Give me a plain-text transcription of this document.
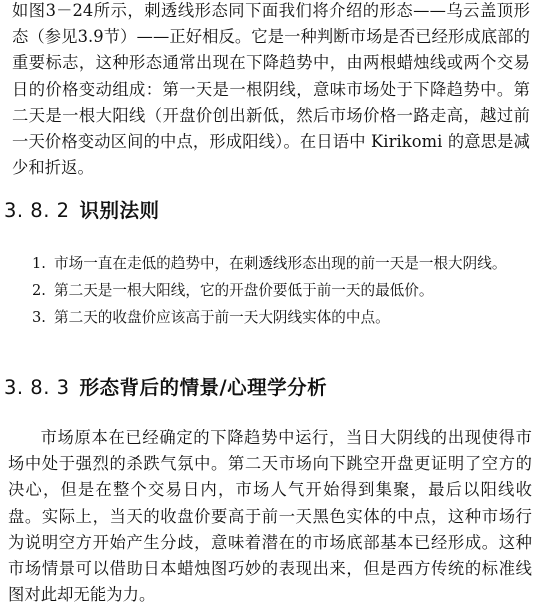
如图3－24所示，刺透线形态同下面我们将介绍的形态——乌云盖顶形态（参见3.9节）——正好相反。它是一种判断市场是否已经形成底部的重要标志，这种形态通常出现在下降趋势中，由两根蜡烛线或两个交易日的价格变动组成：第一天是一根阴线，意味市场处于下降趋势中。第二天是一根大阳线（开盘价创出新低，然后市场价格一路走高，越过前一天价格变动区间的中点，形成阳线）。在日语中 Kirikomi 的意思是减少和折返。

3. 8. 2 识别法则
1. 市场一直在走低的趋势中，在刺透线形态出现的前一天是一根大阴线。
2. 第二天是一根大阳线，它的开盘价要低于前一天的最低价。
3. 第二天的收盘价应该高于前一天大阴线实体的中点。
3. 8. 3 形态背后的情景/心理学分析

市场原本在已经确定的下降趋势中运行，当日大阴线的出现使得市场中处于强烈的杀跌气氛中。第二天市场向下跳空开盘更证明了空方的决心，但是在整个交易日内，市场人气开始得到集聚，最后以阳线收盘。实际上，当天的收盘价要高于前一天黑色实体的中点，这种市场行为说明空方开始产生分歧，意味着潜在的市场底部基本已经形成。这种市场情景可以借助日本蜡烛图巧妙的表现出来，但是西方传统的标准线图对此却无能为力。
